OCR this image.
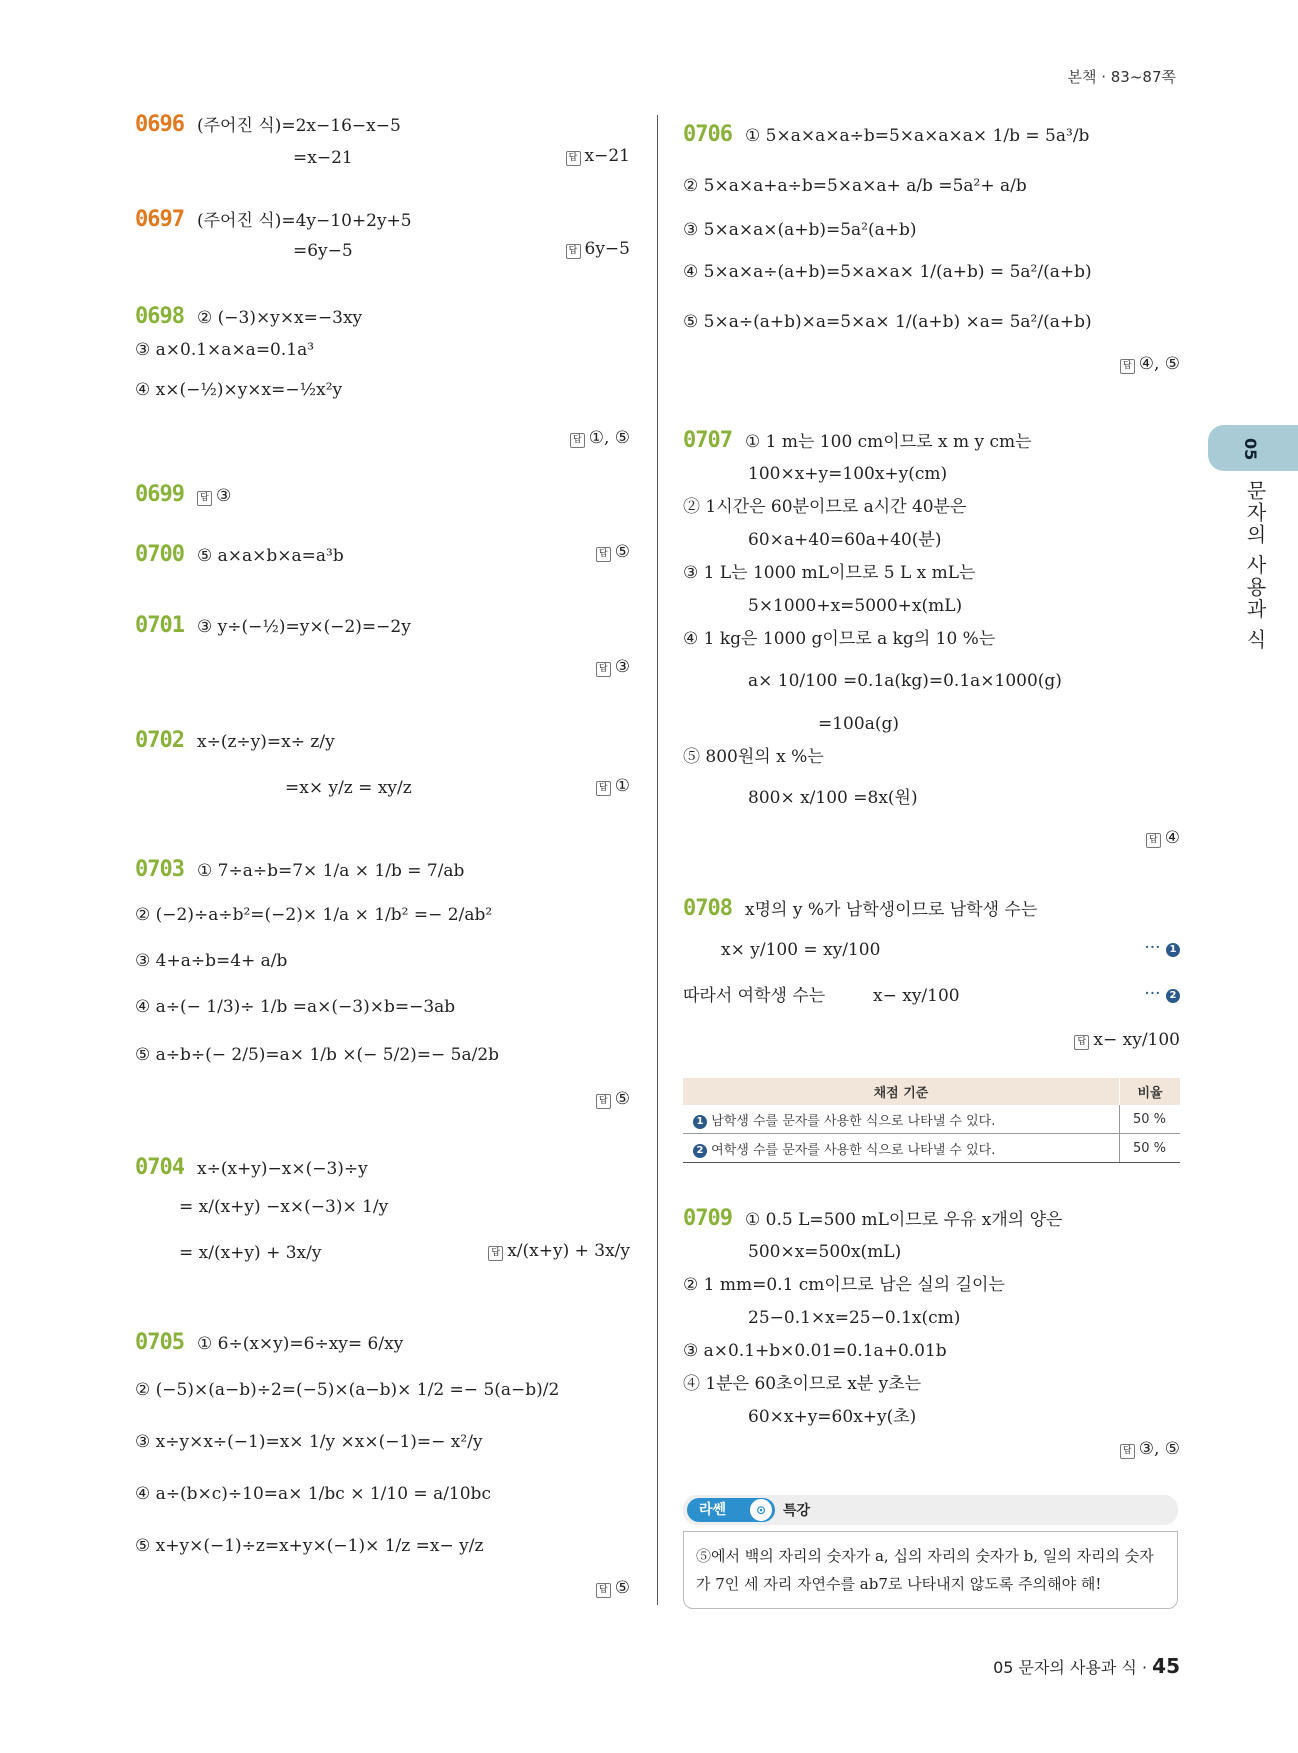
본책 · 83~87쪽
05
문자의 사용과 식
0696 (주어진 식)=2x−16−x−5
=x−21	답 x−21
0697 (주어진 식)=4y−10+2y+5
=6y−5	답 6y−5
0698 ② (−3)×y×x=−3xy
③ a×0.1×a×a=0.1a³
④ x×(−½)×y×x=−½x²y
답 ①, ⑤
0699 답 ③
0700 ⑤ a×a×b×a=a³b	답 ⑤
0701 ③ y÷(−½)=y×(−2)=−2y
답 ③
0702 x÷(z÷y)=x÷ z/y
=x× y/z = xy/z	답 ①
0703 ① 7÷a÷b=7× 1/a × 1/b = 7/ab
② (−2)÷a÷b²=(−2)× 1/a × 1/b² =− 2/ab²
③ 4+a÷b=4+ a/b
④ a÷(− 1/3)÷ 1/b =a×(−3)×b=−3ab
⑤ a÷b÷(− 2/5)=a× 1/b ×(− 5/2)=− 5a/2b
답 ⑤
0704 x÷(x+y)−x×(−3)÷y
= x/(x+y) −x×(−3)× 1/y
= x/(x+y) + 3x/y	답 x/(x+y) + 3x/y
0705 ① 6÷(x×y)=6÷xy= 6/xy
② (−5)×(a−b)÷2=(−5)×(a−b)× 1/2 =− 5(a−b)/2
③ x÷y×x÷(−1)=x× 1/y ×x×(−1)=− x²/y
④ a÷(b×c)÷10=a× 1/bc × 1/10 = a/10bc
⑤ x+y×(−1)÷z=x+y×(−1)× 1/z =x− y/z
답 ⑤
0706 ① 5×a×a×a÷b=5×a×a×a× 1/b = 5a³/b
② 5×a×a+a÷b=5×a×a+ a/b =5a²+ a/b
③ 5×a×a×(a+b)=5a²(a+b)
④ 5×a×a÷(a+b)=5×a×a× 1/(a+b) = 5a²/(a+b)
⑤ 5×a÷(a+b)×a=5×a× 1/(a+b) ×a= 5a²/(a+b)
답 ④, ⑤
0707 ① 1 m는 100 cm이므로 x m y cm는
100×x+y=100x+y(cm)
② 1시간은 60분이므로 a시간 40분은
60×a+40=60a+40(분)
③ 1 L는 1000 mL이므로 5 L x mL는
5×1000+x=5000+x(mL)
④ 1 kg은 1000 g이므로 a kg의 10 %는
a× 10/100 =0.1a(kg)=0.1a×1000(g)
=100a(g)
⑤ 800원의 x %는
800× x/100 =8x(원)
답 ④
0708 x명의 y %가 남학생이므로 남학생 수는
x× y/100 = xy/100	··· 1
따라서 여학생 수는	x− xy/100	··· 2
답 x− xy/100
채점 기준	비율
1 남학생 수를 문자를 사용한 식으로 나타낼 수 있다.	50 %
2 여학생 수를 문자를 사용한 식으로 나타낼 수 있다.	50 %
0709 ① 0.5 L=500 mL이므로 우유 x개의 양은
500×x=500x(mL)
② 1 mm=0.1 cm이므로 남은 실의 길이는
25−0.1×x=25−0.1x(cm)
③ a×0.1+b×0.01=0.1a+0.01b
④ 1분은 60초이므로 x분 y초는
60×x+y=60x+y(초)
답 ③, ⑤
라쎈	⊙	특강
⑤에서 백의 자리의 숫자가 a, 십의 자리의 숫자가 b, 일의 자리의 숫자가 7인 세 자리 자연수를 ab7로 나타내지 않도록 주의해야 해!
05 문자의 사용과 식 · 45
